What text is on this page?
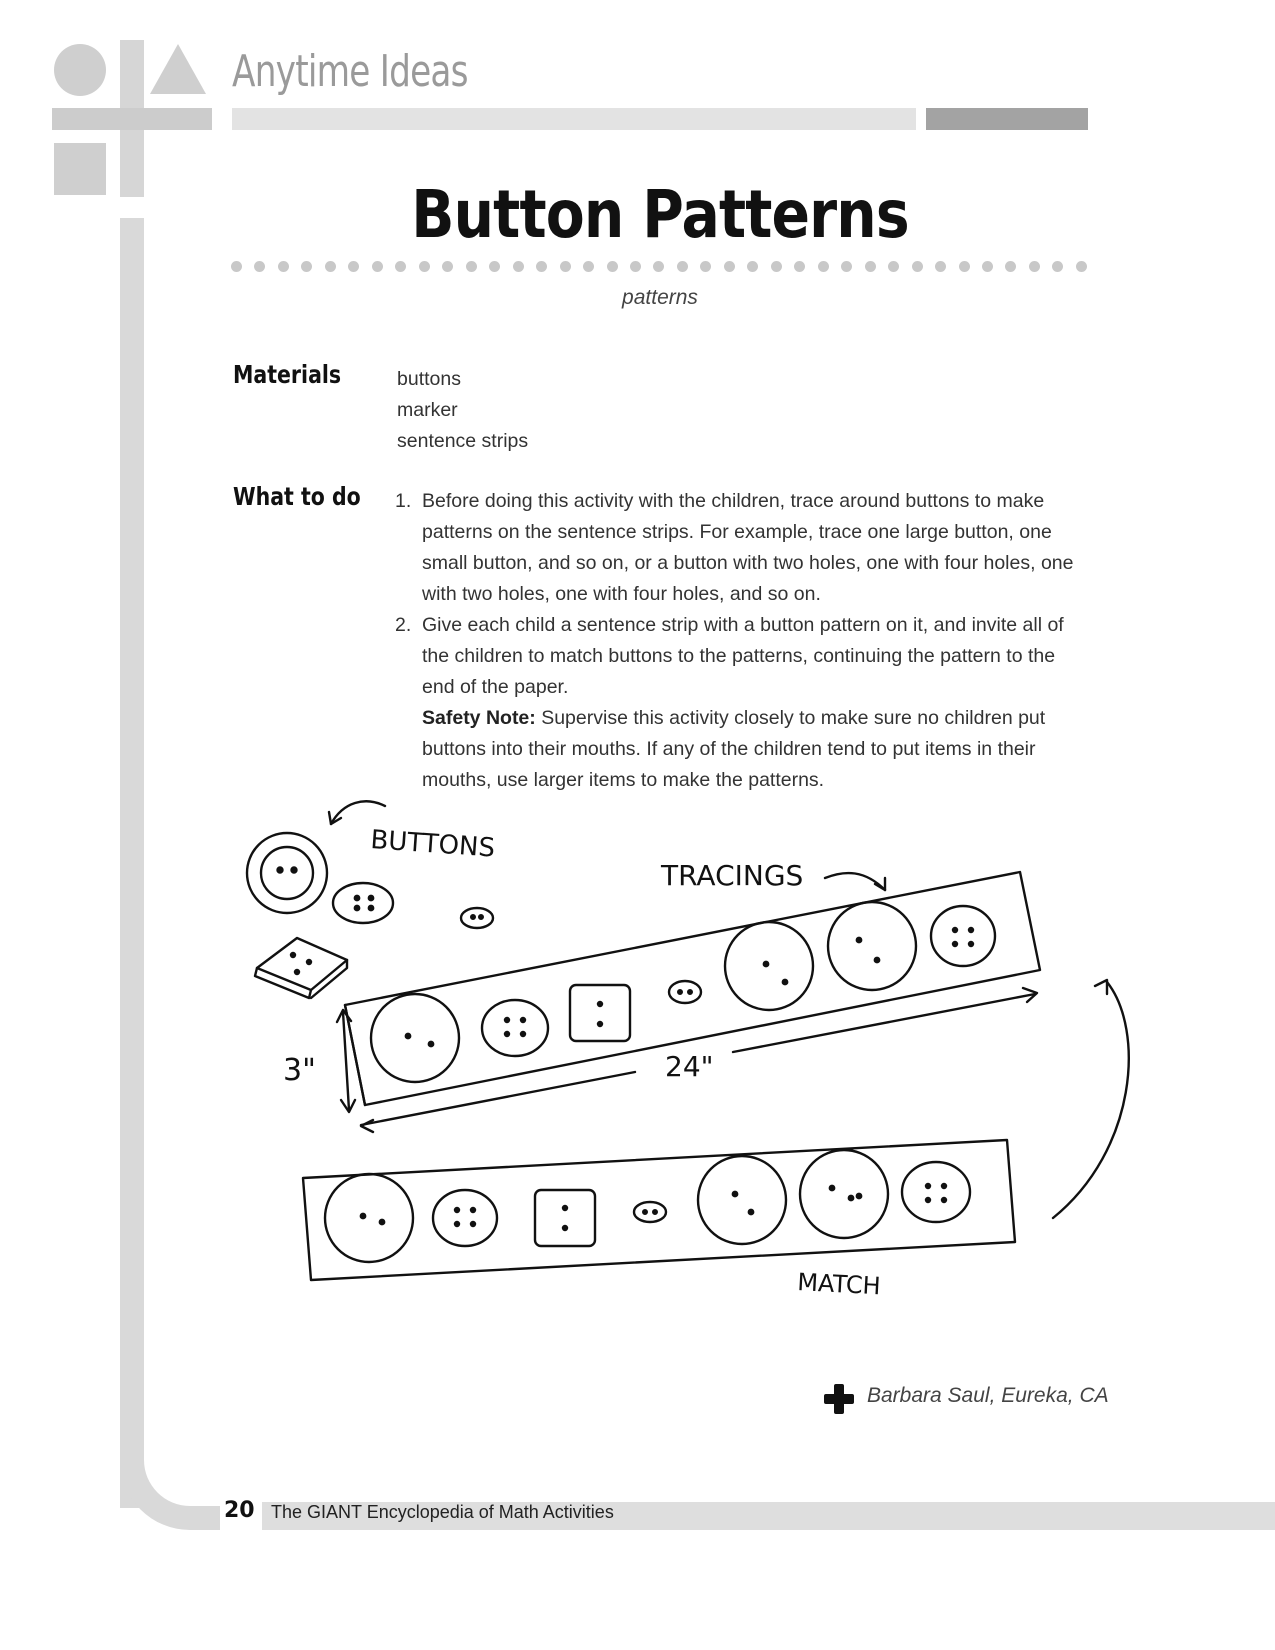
Anytime Ideas
Button Patterns
patterns
Materials	buttons
marker
sentence strips
What to do 1. Before doing this activity with the children, trace around buttons to make patterns on the sentence strips. For example, trace one large button, one small button, and so on, or a button with two holes, one with four holes, one with two holes, one with four holes, and so on.
2. Give each child a sentence strip with a button pattern on it, and invite all of the children to match buttons to the patterns, continuing the pattern to the end of the paper.
Safety Note: Supervise this activity closely to make sure no children put buttons into their mouths. If any of the children tend to put items in their mouths, use larger items to make the patterns.
BUTTONS
TRACINGS
3"	24"
MATCH
Barbara Saul, Eureka, CA
20 The GIANT Encyclopedia of Math Activities
